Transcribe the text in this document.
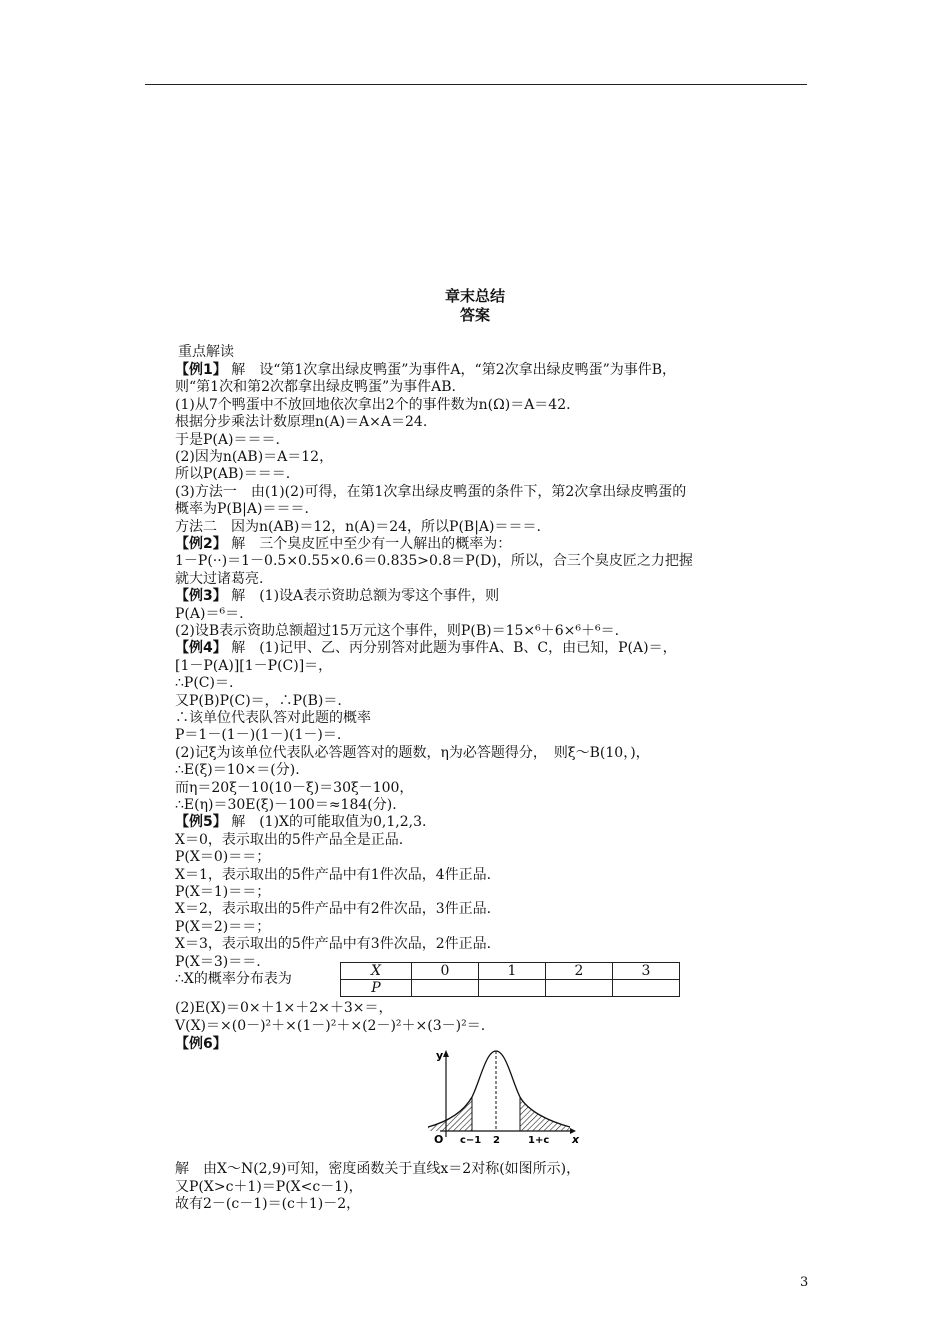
章末总结
答案
重点解读
【例1】 解　设“第1次拿出绿皮鸭蛋”为事件A，“第2次拿出绿皮鸭蛋”为事件B，
则“第1次和第2次都拿出绿皮鸭蛋”为事件AB.
(1)从7个鸭蛋中不放回地依次拿出2个的事件数为n(Ω)＝A＝42.
根据分步乘法计数原理n(A)＝A×A＝24.
于是P(A)＝＝＝.
(2)因为n(AB)＝A＝12，
所以P(AB)＝＝＝.
(3)方法一　由(1)(2)可得，在第1次拿出绿皮鸭蛋的条件下，第2次拿出绿皮鸭蛋的
概率为P(B|A)＝＝＝.
方法二　因为n(AB)＝12，n(A)＝24，所以P(B|A)＝＝＝.
【例2】 解　三个臭皮匠中至少有一人解出的概率为：
1－P(··)＝1－0.5×0.55×0.6＝0.835>0.8＝P(D)，所以，合三个臭皮匠之力把握
就大过诸葛亮.
【例3】 解　(1)设A表示资助总额为零这个事件，则
P(A)＝⁶＝.
(2)设B表示资助总额超过15万元这个事件，则P(B)＝15×⁶＋6×⁶＋⁶＝.
【例4】 解　(1)记甲、乙、丙分别答对此题为事件A、B、C，由已知，P(A)＝，
[1－P(A)][1－P(C)]＝，
∴P(C)＝.
又P(B)P(C)＝，∴P(B)＝.
∴该单位代表队答对此题的概率
P＝1－(1－)(1－)(1－)＝.
(2)记ξ为该单位代表队必答题答对的题数，η为必答题得分，　则ξ～B(10，)，
∴E(ξ)＝10×＝(分).
而η＝20ξ－10(10－ξ)＝30ξ－100，
∴E(η)＝30E(ξ)－100＝≈184(分).
【例5】 解　(1)X的可能取值为0,1,2,3.
X＝0，表示取出的5件产品全是正品.
P(X＝0)＝＝；
X＝1，表示取出的5件产品中有1件次品，4件正品.
P(X＝1)＝＝；
X＝2，表示取出的5件产品中有2件次品，3件正品.
P(X＝2)＝＝；
X＝3，表示取出的5件产品中有3件次品，2件正品.
P(X＝3)＝＝.
∴X的概率分布表为	X	0	1	2	3
P				
(2)E(X)＝0×＋1×＋2×＋3×＝，
V(X)＝×(0－)²＋×(1－)²＋×(2－)²＋×(3－)²＝.
【例6】
y
x
O c−1 2	1+c
解　由X～N(2,9)可知，密度函数关于直线x＝2对称(如图所示)，
又P(X>c＋1)＝P(X<c－1)，
故有2－(c－1)＝(c＋1)－2，
3
